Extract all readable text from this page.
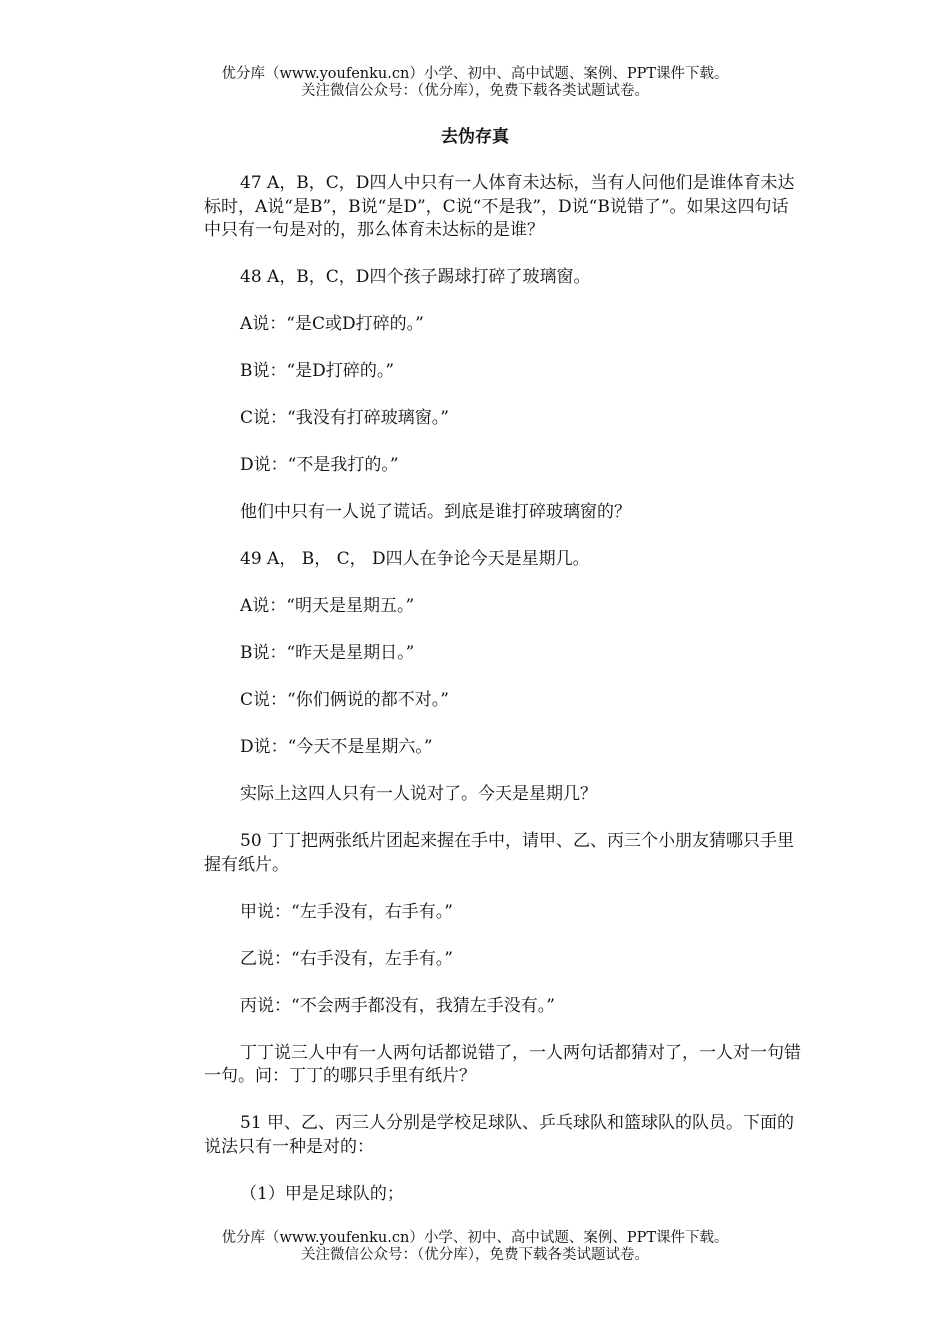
优分库（www.youfenku.cn）小学、初中、高中试题、案例、PPT课件下载。
关注微信公众号：（优分库），免费下载各类试题试卷。
去伪存真

47 A，B，C，D四人中只有一人体育未达标，当有人问他们是谁体育未达标时，A说“是B”，B说“是D”，C说“不是我”，D说“B说错了”。如果这四句话中只有一句是对的，那么体育未达标的是谁？

48 A，B，C，D四个孩子踢球打碎了玻璃窗。

A说：“是C或D打碎的。”

B说：“是D打碎的。”

C说：“我没有打碎玻璃窗。”

D说：“不是我打的。”

他们中只有一人说了谎话。到底是谁打碎玻璃窗的？

49 A， B， C， D四人在争论今天是星期几。

A说：“明天是星期五。”

B说：“昨天是星期日。”

C说：“你们俩说的都不对。”

D说：“今天不是星期六。”

实际上这四人只有一人说对了。今天是星期几？

50 丁丁把两张纸片团起来握在手中，请甲、乙、丙三个小朋友猜哪只手里握有纸片。

甲说：“左手没有，右手有。”

乙说：“右手没有，左手有。”

丙说：“不会两手都没有，我猜左手没有。”

丁丁说三人中有一人两句话都说错了，一人两句话都猜对了，一人对一句错一句。问：丁丁的哪只手里有纸片？

51 甲、乙、丙三人分别是学校足球队、乒乓球队和篮球队的队员。下面的说法只有一种是对的：

（1）甲是足球队的；

优分库（www.youfenku.cn）小学、初中、高中试题、案例、PPT课件下载。
关注微信公众号：（优分库），免费下载各类试题试卷。
